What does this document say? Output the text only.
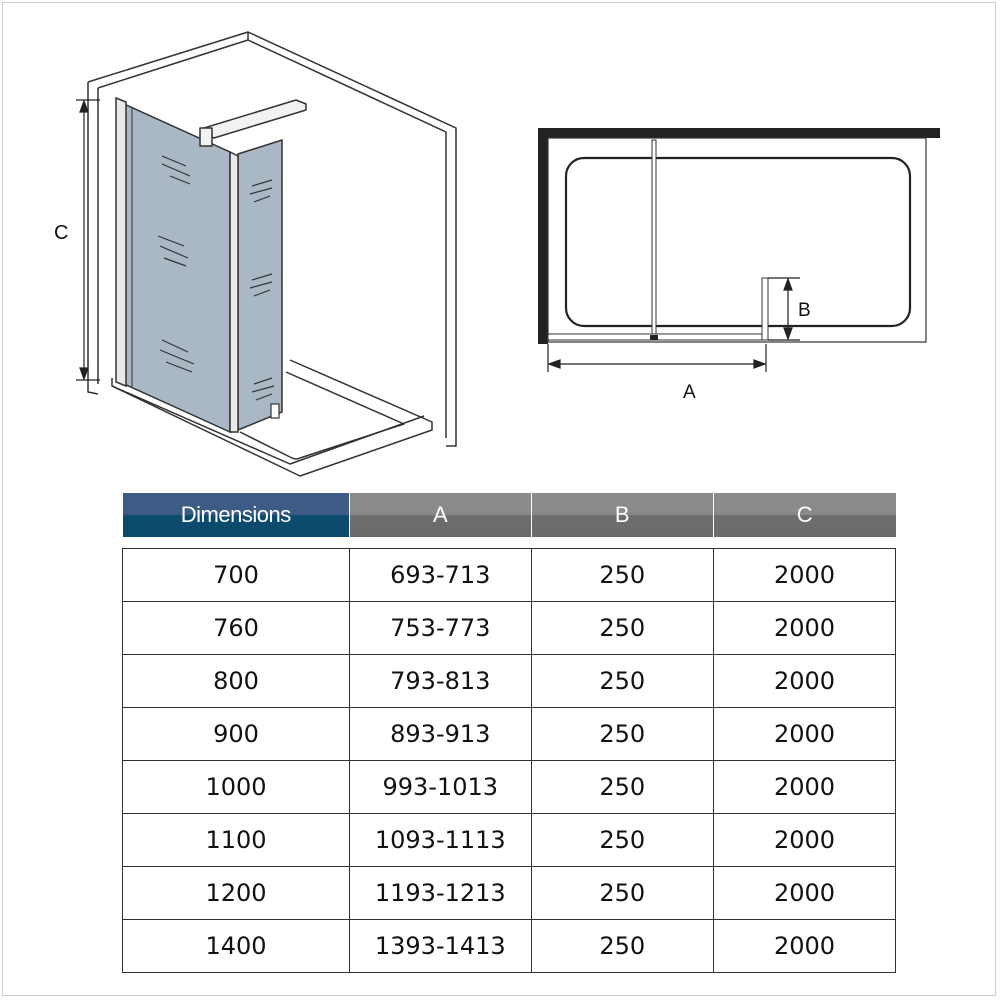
C
B
A
Dimensions	A	B	C

700	693-713	250	2000
760	753-773	250	2000
800	793-813	250	2000
900	893-913	250	2000
1000	993-1013	250	2000
1100	1093-1113	250	2000
1200	1193-1213	250	2000
1400	1393-1413	250	2000
